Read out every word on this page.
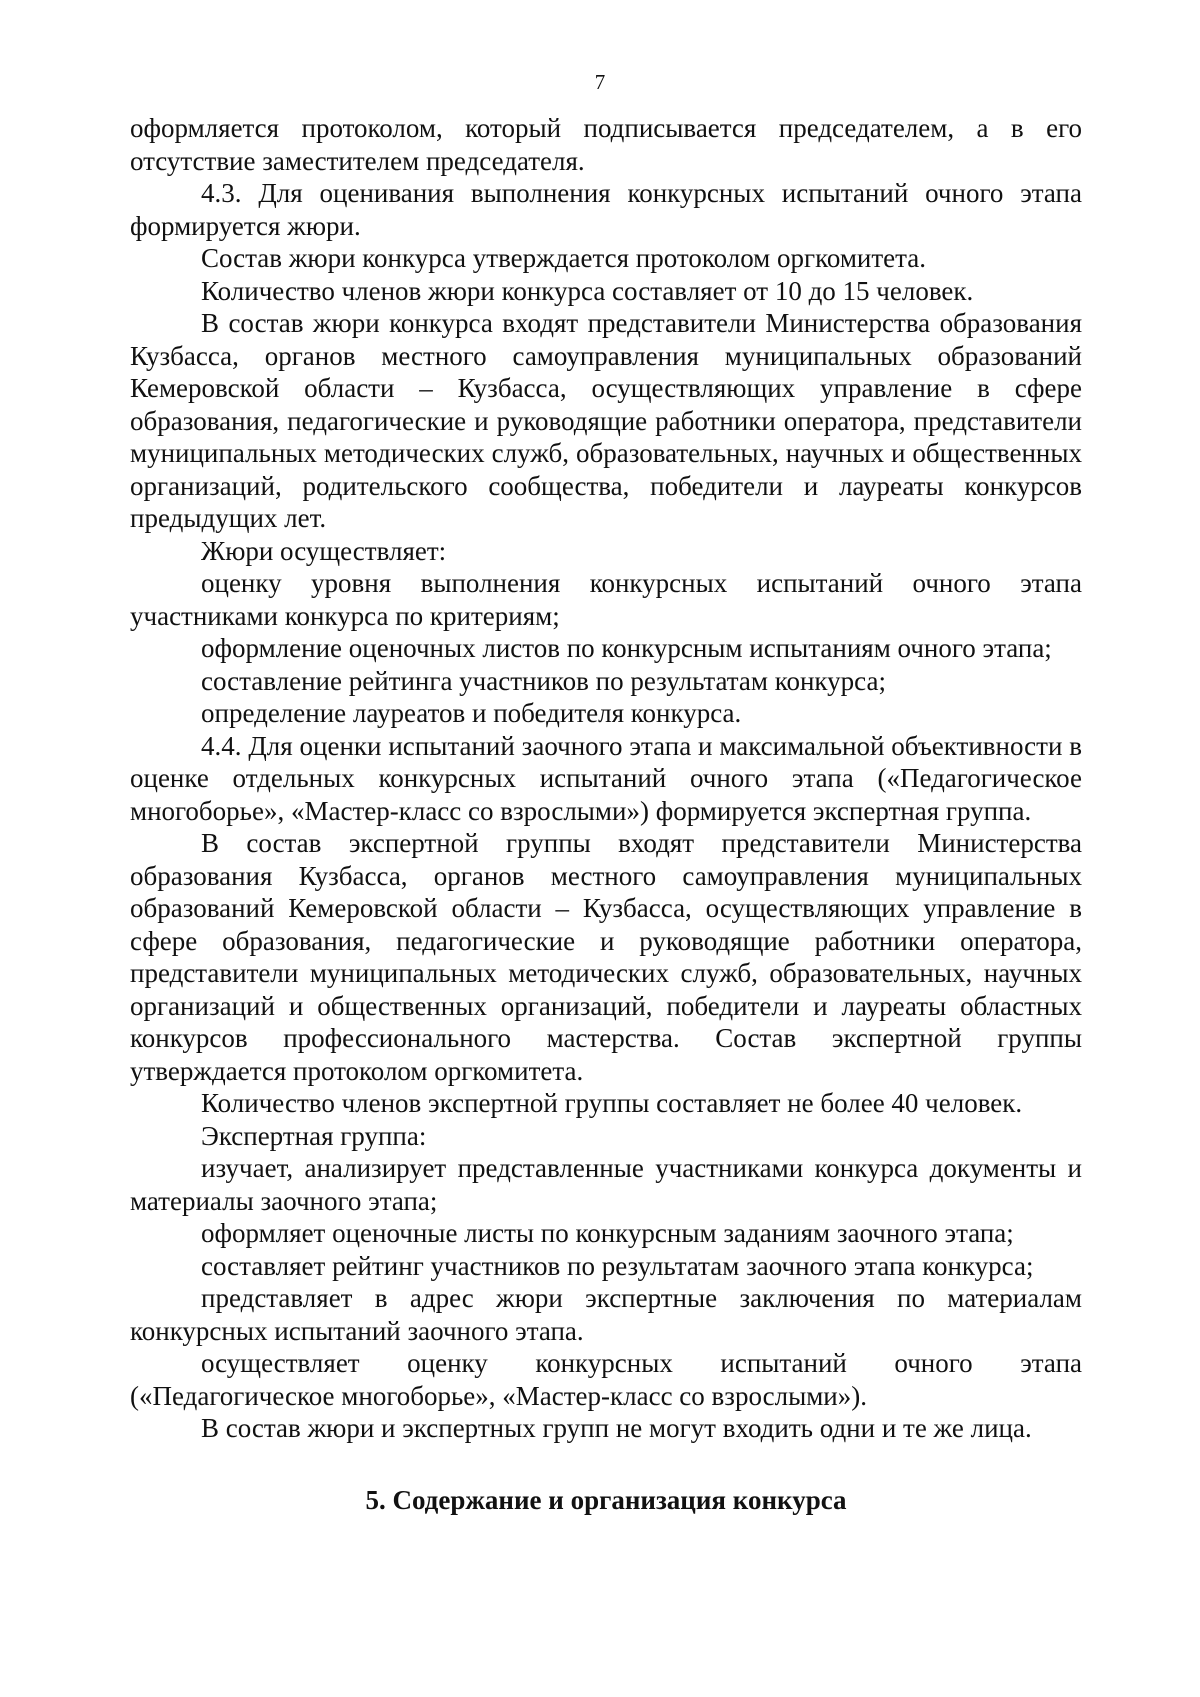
7

оформляется протоколом, который подписывается председателем, а в его отсутствие заместителем председателя.

4.3. Для оценивания выполнения конкурсных испытаний очного этапа формируется жюри.

Состав жюри конкурса утверждается протоколом оргкомитета.

Количество членов жюри конкурса составляет от 10 до 15 человек.

В состав жюри конкурса входят представители Министерства образования Кузбасса, органов местного самоуправления муниципальных образований Кемеровской области – Кузбасса, осуществляющих управление в сфере образования, педагогические и руководящие работники оператора, представители муниципальных методических служб, образовательных, научных и общественных организаций, родительского сообщества, победители и лауреаты конкурсов предыдущих лет.

Жюри осуществляет:

оценку уровня выполнения конкурсных испытаний очного этапа участниками конкурса по критериям;

оформление оценочных листов по конкурсным испытаниям очного этапа;

составление рейтинга участников по результатам конкурса;

определение лауреатов и победителя конкурса.

4.4. Для оценки испытаний заочного этапа и максимальной объективности в оценке отдельных конкурсных испытаний очного этапа («Педагогическое многоборье», «Мастер-класс со взрослыми») формируется экспертная группа.

В состав экспертной группы входят представители Министерства образования Кузбасса, органов местного самоуправления муниципальных образований Кемеровской области – Кузбасса, осуществляющих управление в сфере образования, педагогические и руководящие работники оператора, представители муниципальных методических служб, образовательных, научных организаций и общественных организаций, победители и лауреаты областных конкурсов профессионального мастерства. Состав экспертной группы утверждается протоколом оргкомитета.

Количество членов экспертной группы составляет не более 40 человек.

Экспертная группа:

изучает, анализирует представленные участниками конкурса документы и материалы заочного этапа;

оформляет оценочные листы по конкурсным заданиям заочного этапа;

составляет рейтинг участников по результатам заочного этапа конкурса;

представляет в адрес жюри экспертные заключения по материалам конкурсных испытаний заочного этапа.

осуществляет оценку конкурсных испытаний очного этапа («Педагогическое многоборье», «Мастер-класс со взрослыми»).

В состав жюри и экспертных групп не могут входить одни и те же лица.

5. Содержание и организация конкурса
